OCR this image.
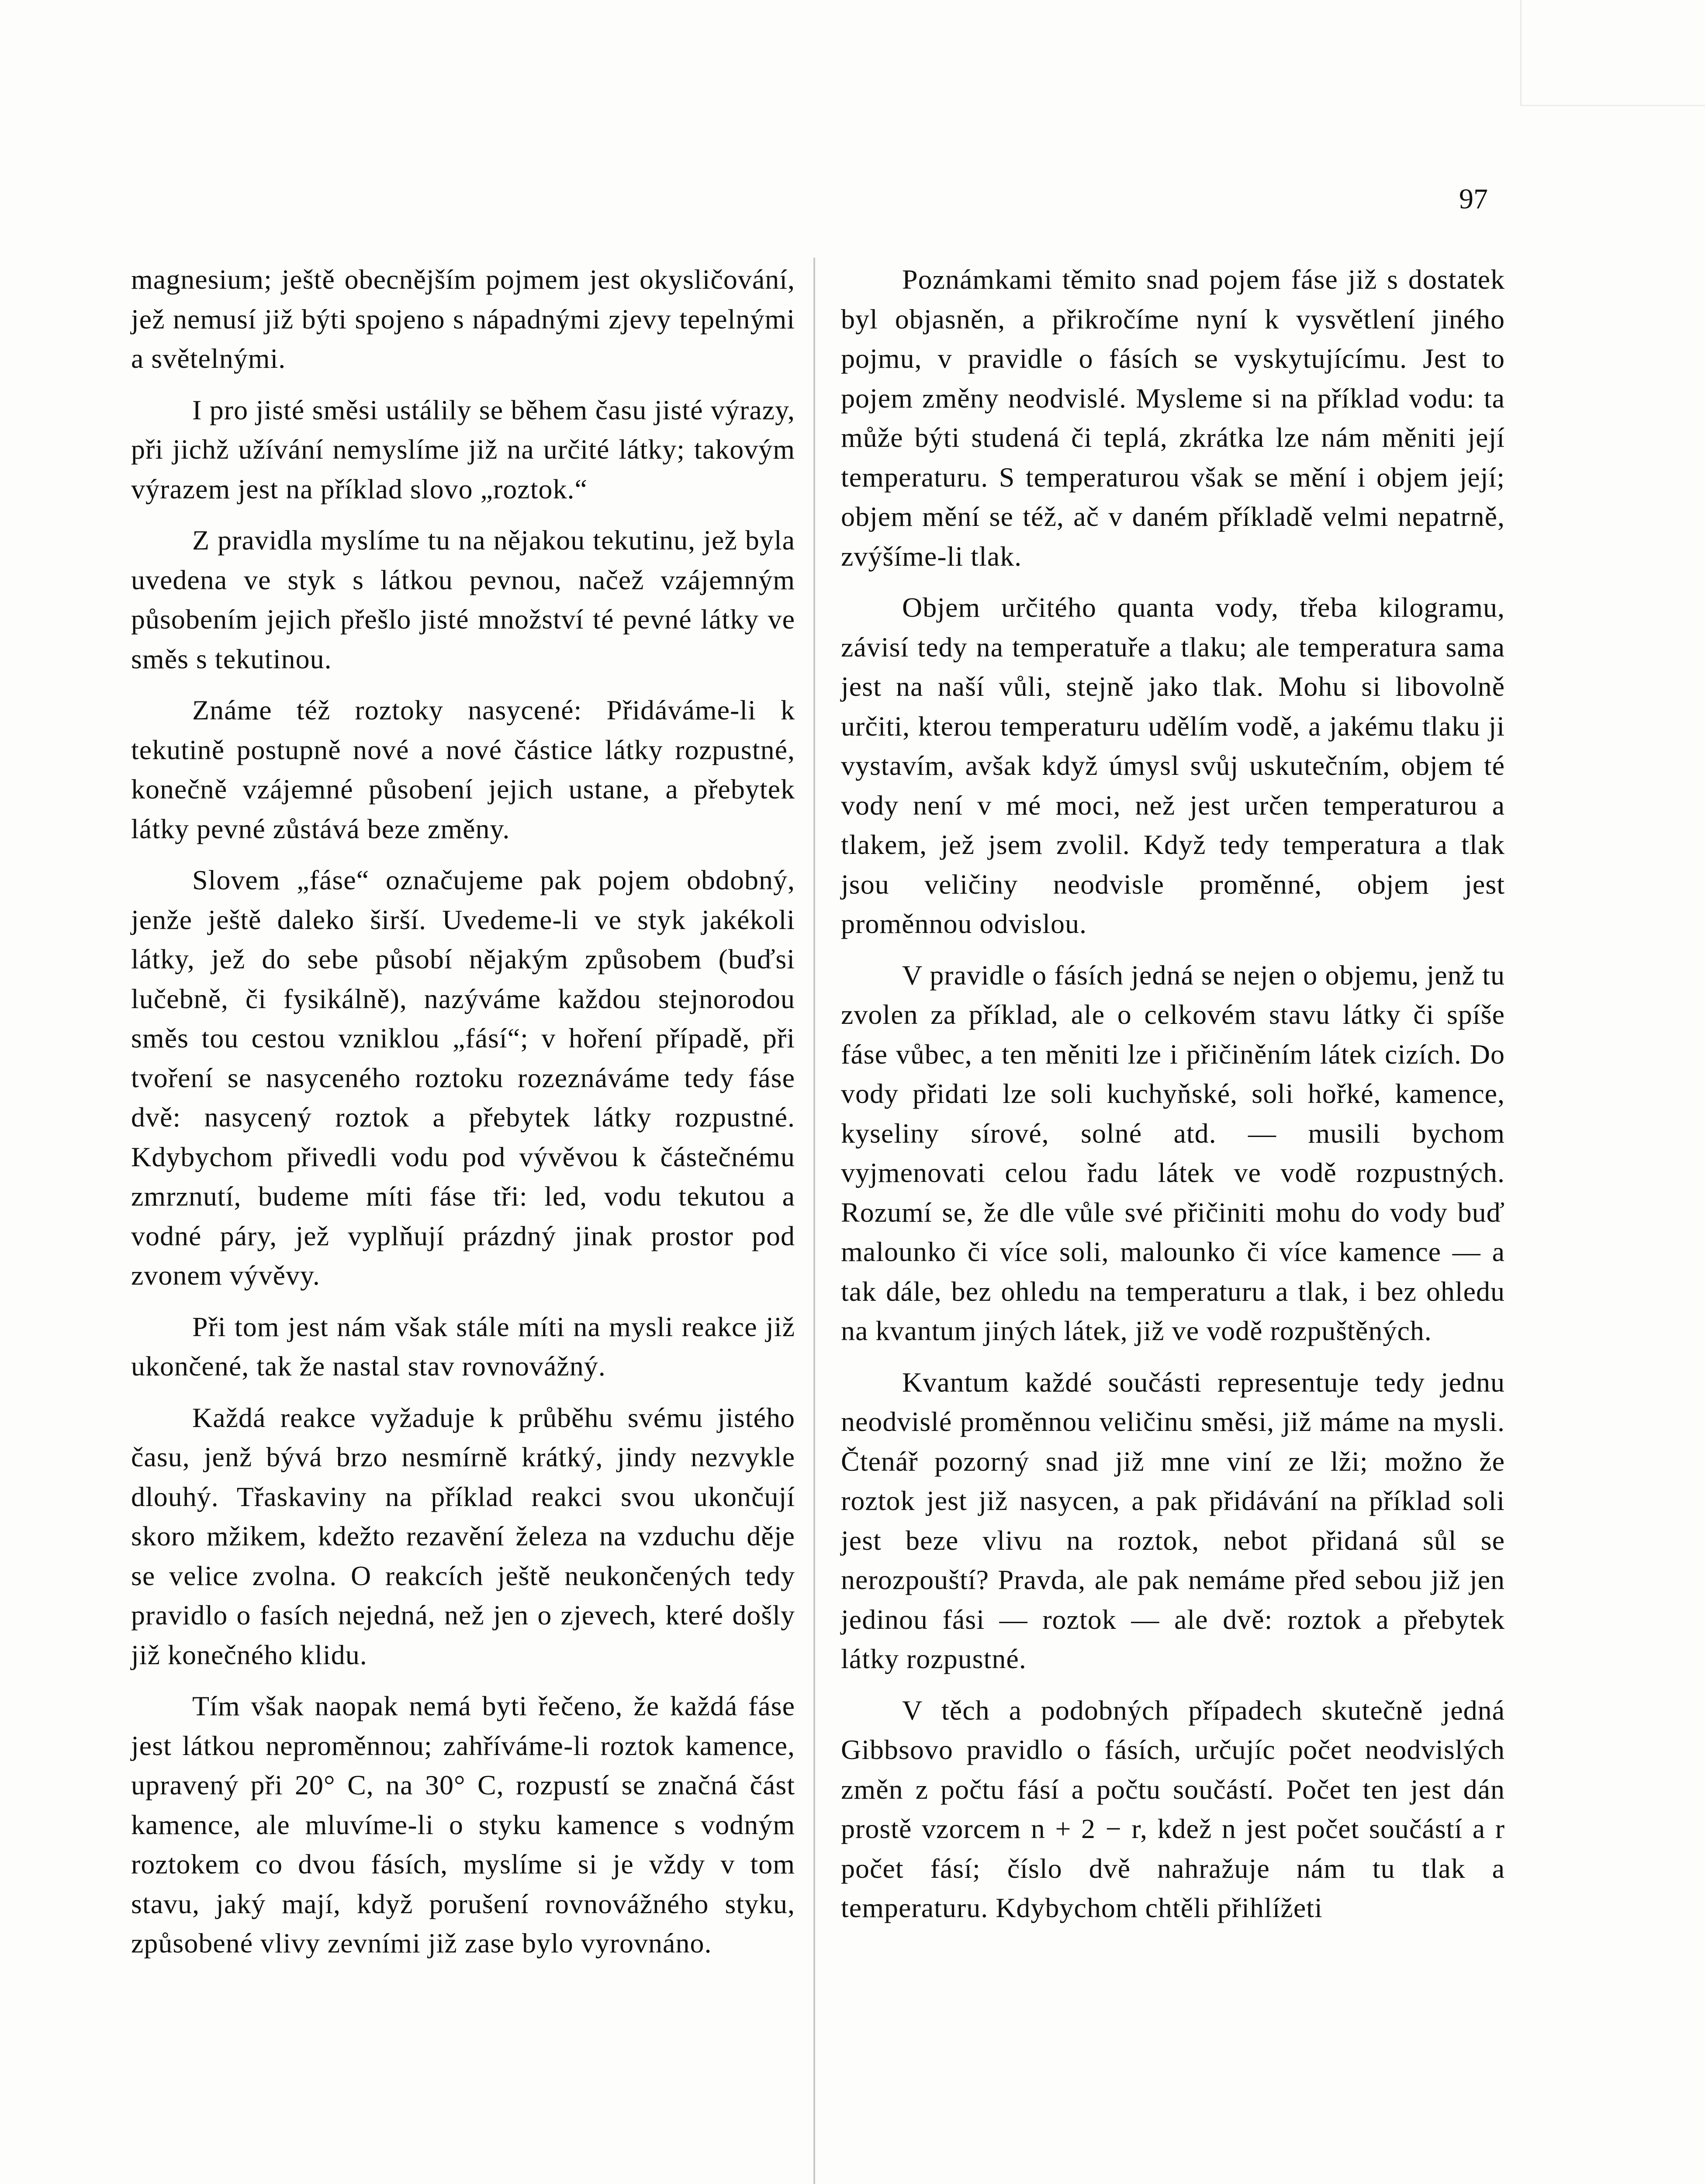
97

magnesium; ještě obecnějším pojmem jest okysličování, jež nemusí již býti spojeno s nápadnými zjevy tepelnými a světelnými.

I pro jisté směsi ustálily se během času jisté výrazy, při jichž užívání nemyslíme již na určité látky; takovým výrazem jest na příklad slovo „roztok.“

Z pravidla myslíme tu na nějakou tekutinu, jež byla uvedena ve styk s látkou pevnou, načež vzájemným působením jejich přešlo jisté množství té pevné látky ve směs s tekutinou.

Známe též roztoky nasycené: Přidáváme-li k tekutině postupně nové a nové částice látky rozpustné, konečně vzájemné působení jejich ustane, a přebytek látky pevné zůstává beze změny.

Slovem „fáse“ označujeme pak pojem obdobný, jenže ještě daleko širší. Uvedeme-li ve styk jakékoli látky, jež do sebe působí nějakým způsobem (buďsi lučebně, či fysikálně), nazýváme každou stejnorodou směs tou cestou vzniklou „fásí“; v hoření případě, při tvoření se nasyceného roztoku rozeznáváme tedy fáse dvě: nasycený roztok a přebytek látky rozpustné. Kdybychom přivedli vodu pod vývěvou k částečnému zmrznutí, budeme míti fáse tři: led, vodu tekutou a vodné páry, jež vyplňují prázdný jinak prostor pod zvonem vývěvy.

Při tom jest nám však stále míti na mysli reakce již ukončené, tak že nastal stav rovnovážný.

Každá reakce vyžaduje k průběhu svému jistého času, jenž bývá brzo nesmírně krátký, jindy nezvykle dlouhý. Třaskaviny na příklad reakci svou ukončují skoro mžikem, kdežto rezavění železa na vzduchu děje se velice zvolna. O reakcích ještě neukončených tedy pravidlo o fasích nejedná, než jen o zjevech, které došly již konečného klidu.

Tím však naopak nemá byti řečeno, že každá fáse jest látkou neproměnnou; zahříváme-li roztok kamence, upravený při 20° C, na 30° C, rozpustí se značná část kamence, ale mluvíme-li o styku kamence s vodným roztokem co dvou fásích, myslíme si je vždy v tom stavu, jaký mají, když porušení rovnovážného styku, způsobené vlivy zevními již zase bylo vyrovnáno.

Poznámkami těmito snad pojem fáse již s dostatek byl objasněn, a přikročíme nyní k vysvětlení jiného pojmu, v pravidle o fásích se vyskytujícímu. Jest to pojem změny neodvislé. Mysleme si na příklad vodu: ta může býti studená či teplá, zkrátka lze nám měniti její temperaturu. S temperaturou však se mění i objem její; objem mění se též, ač v daném příkladě velmi nepatrně, zvýšíme-li tlak.

Objem určitého quanta vody, třeba kilogramu, závisí tedy na temperatuře a tlaku; ale temperatura sama jest na naší vůli, stejně jako tlak. Mohu si libovolně určiti, kterou temperaturu udělím vodě, a jakému tlaku ji vystavím, avšak když úmysl svůj uskutečním, objem té vody není v mé moci, než jest určen temperaturou a tlakem, jež jsem zvolil. Když tedy temperatura a tlak jsou veličiny neodvisle proměnné, objem jest proměnnou odvislou.

V pravidle o fásích jedná se nejen o objemu, jenž tu zvolen za příklad, ale o celkovém stavu látky či spíše fáse vůbec, a ten měniti lze i přičiněním látek cizích. Do vody přidati lze soli kuchyňské, soli hořké, kamence, kyseliny sírové, solné atd. — musili bychom vyjmenovati celou řadu látek ve vodě rozpustných. Rozumí se, že dle vůle své přičiniti mohu do vody buď malounko či více soli, malounko či více kamence — a tak dále, bez ohledu na temperaturu a tlak, i bez ohledu na kvantum jiných látek, již ve vodě rozpuštěných.

Kvantum každé součásti representuje tedy jednu neodvislé proměnnou veličinu směsi, již máme na mysli. Čtenář pozorný snad již mne viní ze lži; možno že roztok jest již nasycen, a pak přidávání na příklad soli jest beze vlivu na roztok, nebot přidaná sůl se nerozpouští? Pravda, ale pak nemáme před sebou již jen jedinou fási — roztok — ale dvě: roztok a přebytek látky rozpustné.

V těch a podobných případech skutečně jedná Gibbsovo pravidlo o fásích, určujíc počet neodvislých změn z počtu fásí a počtu součástí. Počet ten jest dán prostě vzorcem n + 2 − r, kdež n jest počet součástí a r počet fásí; číslo dvě nahražuje nám tu tlak a temperaturu. Kdybychom chtěli přihlížeti
